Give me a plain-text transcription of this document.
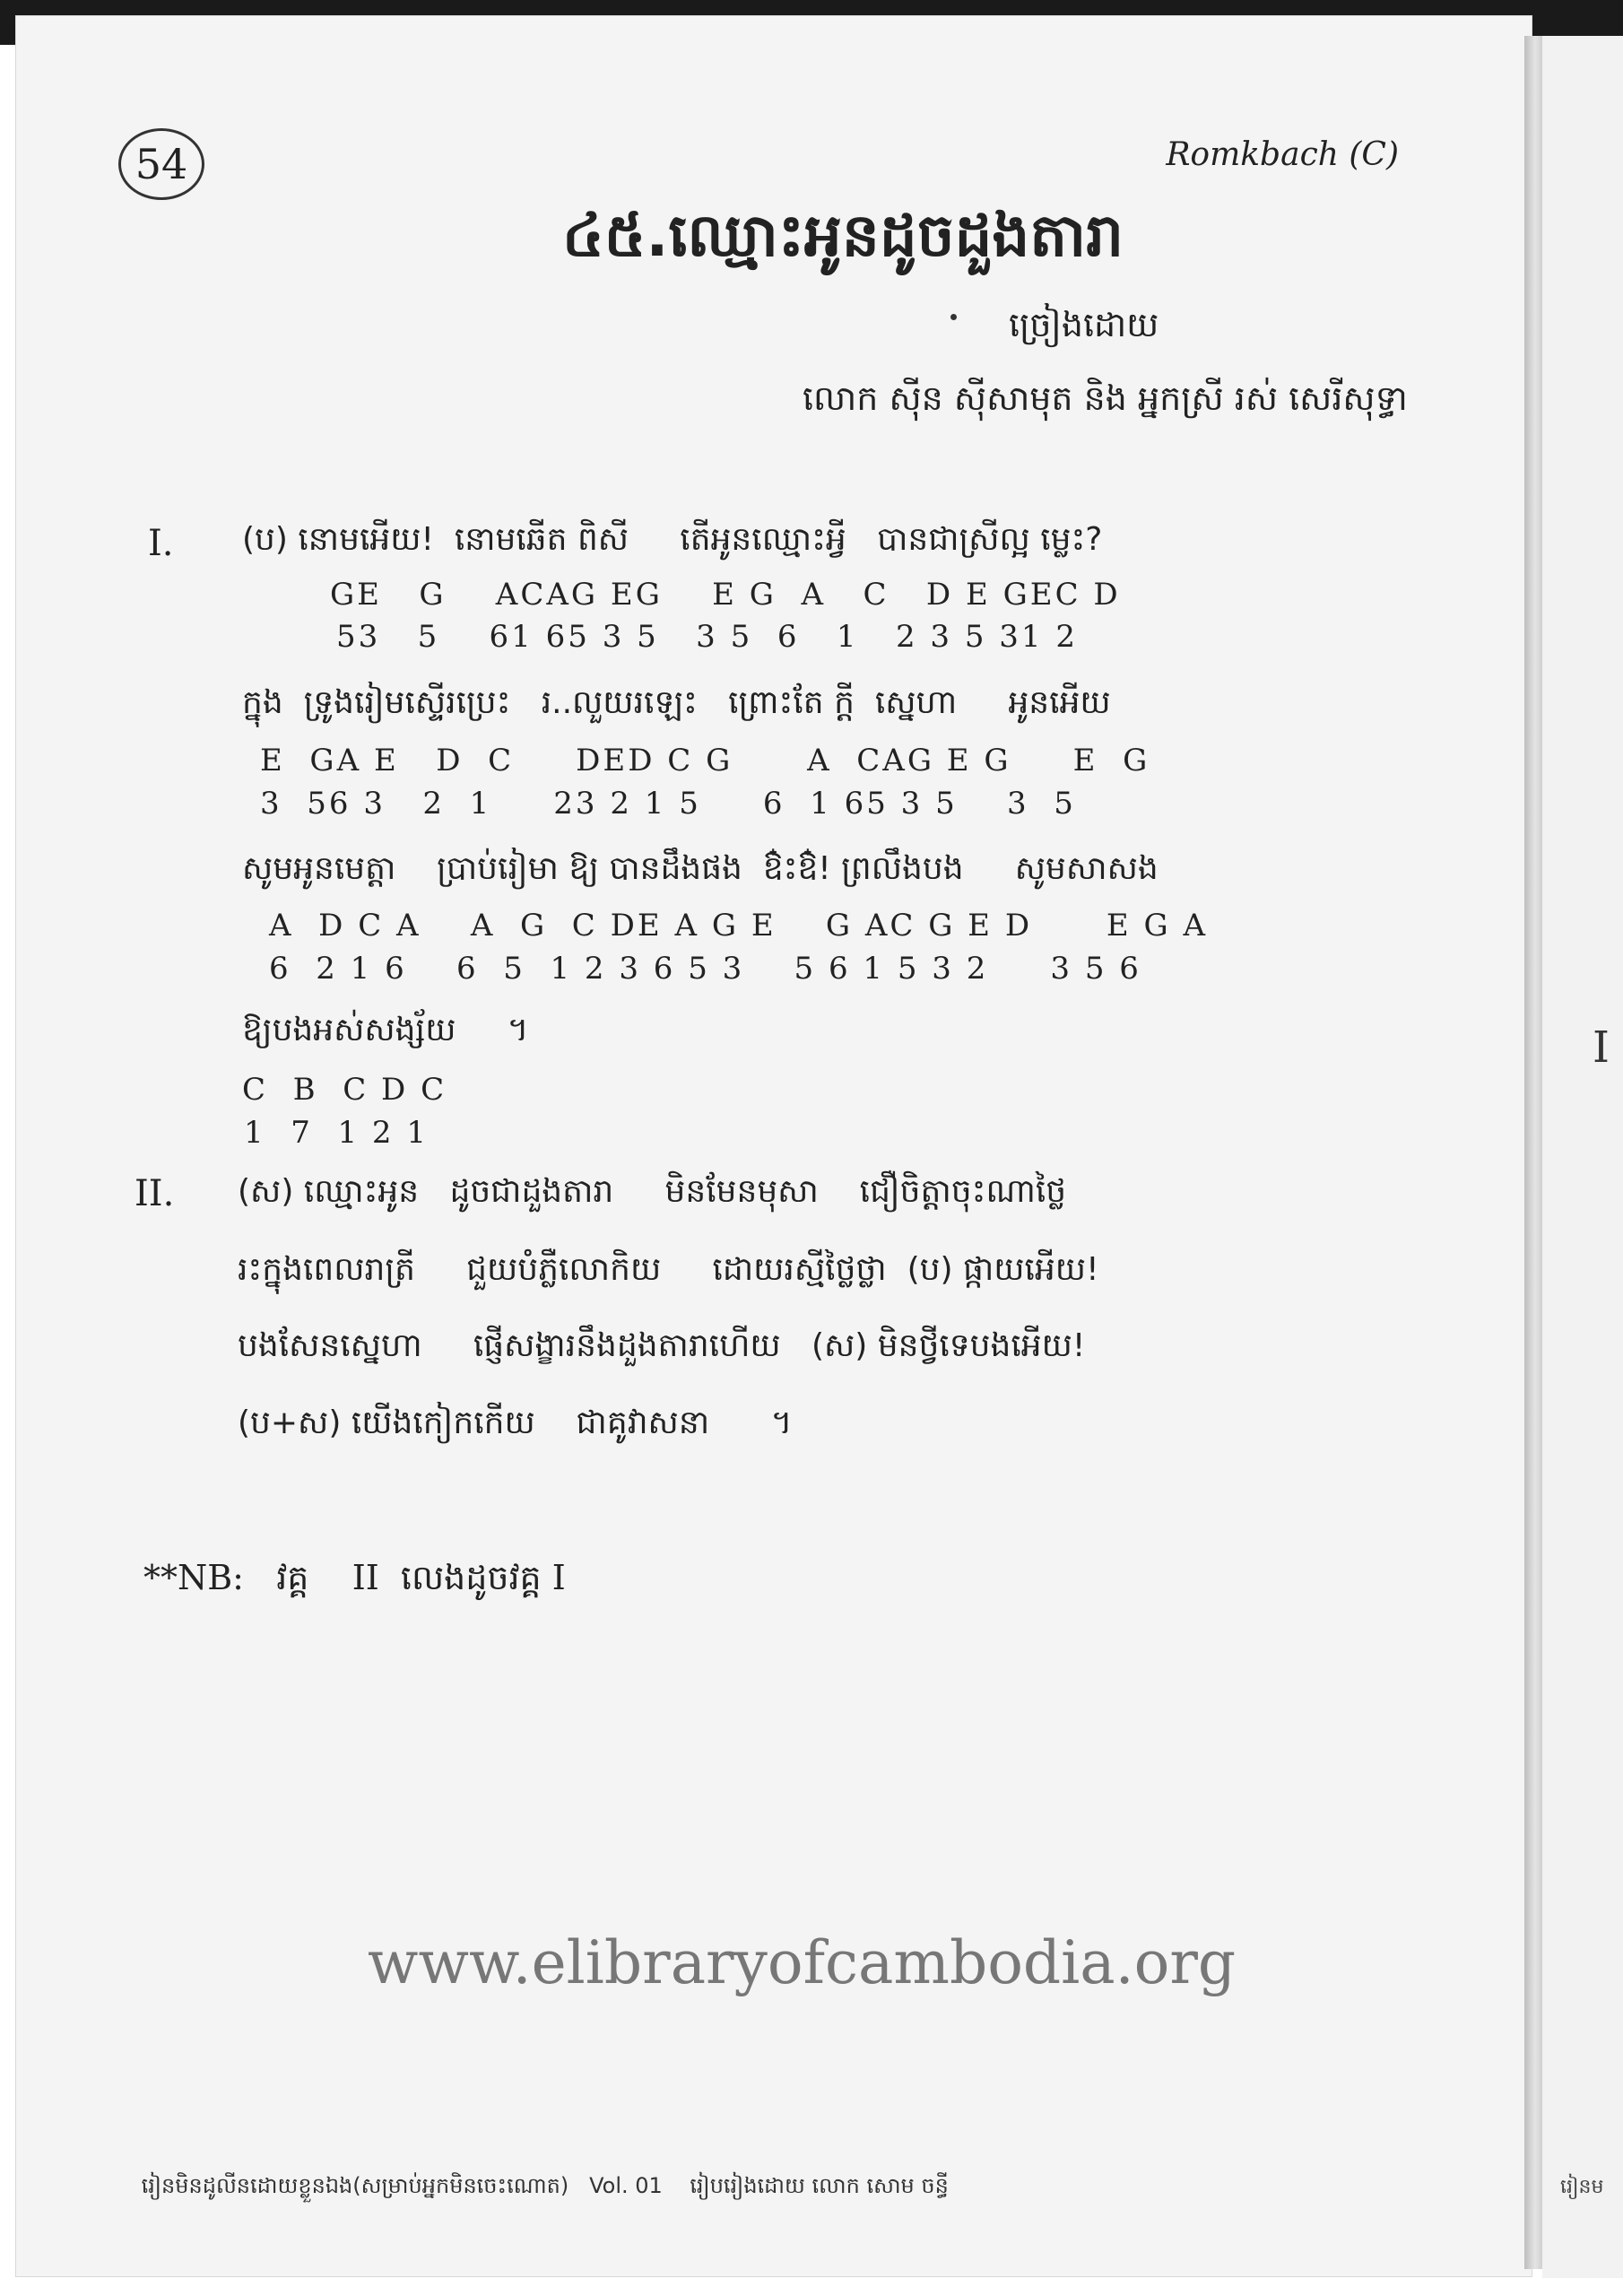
I
រៀនម
54	Romkbach (C)
៤៥.ឈ្មោះអូនដូចដួងតារា
ច្រៀងដោយ
លោក ស៊ីន ស៊ីសាមុត និង អ្នកស្រី រស់ សេរីសុទ្ធា
I. (ប) នោមអើយ!  នោមឆើត ពិសី     តើអូនឈ្មោះអ្វី   បានជាស្រីល្អ ម្លេះ?
GE   G    ACAG EG    E G  A   C   D E GEC D
53   5    61 65 3 5   3 5  6   1   2 3 5 31 2
ក្នុង  ទ្រូងរៀមស្ទើរប្រេះ   រ..លួយរឡេះ   ព្រោះតែ ក្តី  ស្នេហា     អូនអើយ
E  GA E   D  C     DED C G      A  CAG E G     E  G
3  56 3   2  1     23 2 1 5     6  1 65 3 5    3  5
សូមអូនមេត្តា    ប្រាប់រៀមា ឱ្យ បានដឹងផង  ឱ៎ះឱ៎! ព្រលឹងបង     សូមសាសង
A  D C A    A  G  C DE A G E    G AC G E D      E G A
6  2 1 6    6  5  1 2 3 6 5 3    5 6 1 5 3 2     3 5 6
ឱ្យបងអស់សង្ស័យ     ។
C  B  C D C
1  7  1 2 1
II. (ស) ឈ្មោះអូន   ដូចជាដួងតារា     មិនមែនមុសា    ជឿចិត្តាចុះណាថ្លៃ
រះក្នុងពេលរាត្រី     ជួយបំភ្លឺលោកិយ     ដោយរស្មីថ្លៃថ្លា  (ប) ផ្កាយអើយ!
បងសែនស្នេហា     ផ្ញើសង្ខារនឹងដួងតារាហើយ   (ស) មិនថ្វីទេបងអើយ!
(ប+ស) យើងកៀកកើយ    ជាគូវាសនា      ។
**NB:   វគ្គ    II  លេងដូចវគ្គ I
www.elibraryofcambodia.org
រៀនមិនដូលីនដោយខ្លួនឯង(សម្រាប់អ្នកមិនចេះណោត)   Vol. 01    រៀបរៀងដោយ លោក សោម ចន្ធី
